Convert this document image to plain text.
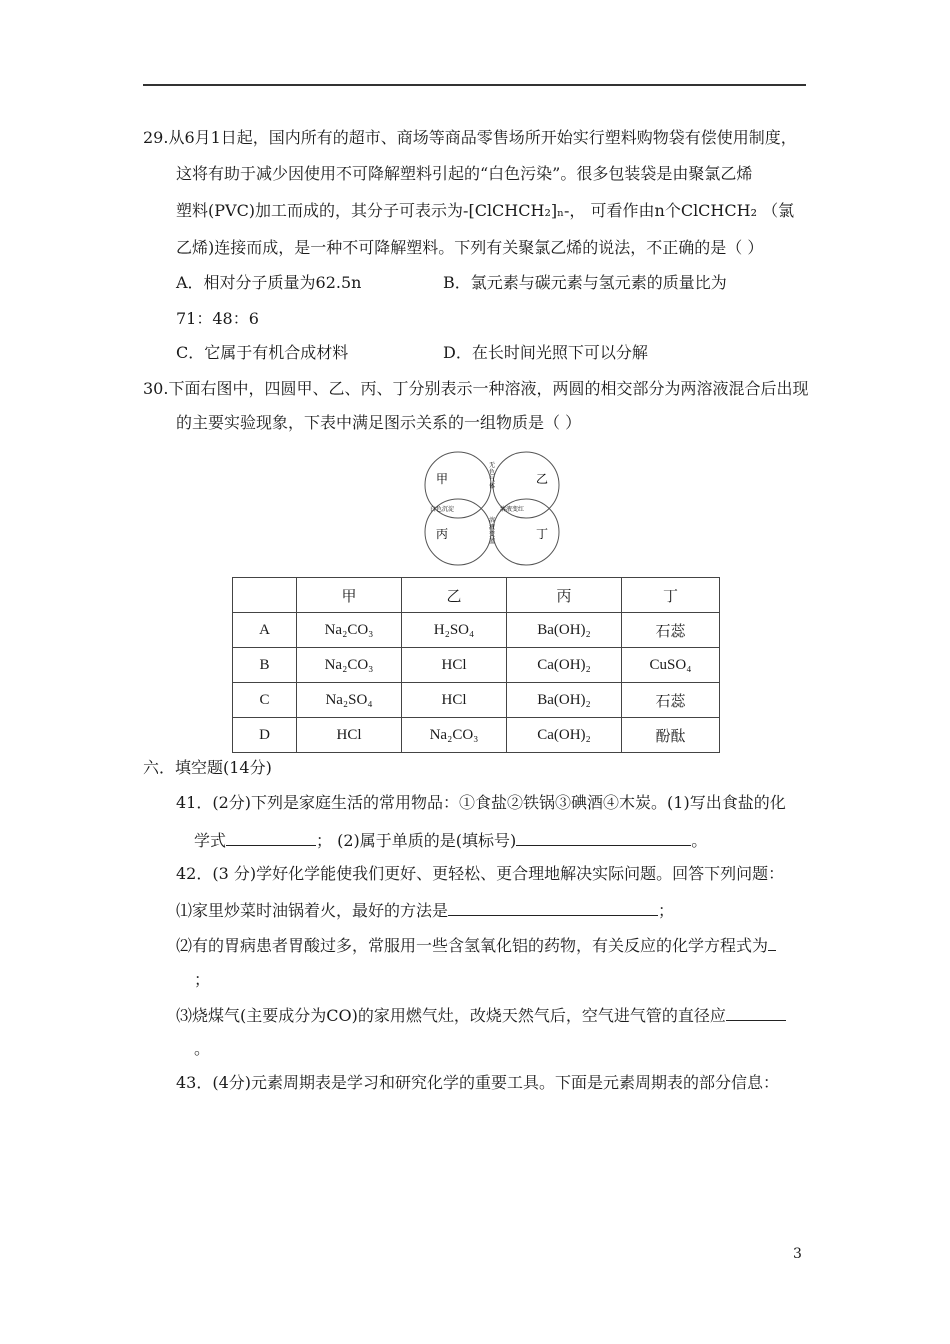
29.从6月1日起，国内所有的超市、商场等商品零售场所开始实行塑料购物袋有偿使用制度，
这将有助于减少因使用不可降解塑料引起的“白色污染”。很多包装袋是由聚氯乙烯
塑料(PVC)加工而成的，其分子可表示为-[ClCHCH₂]ₙ-， 可看作由n个ClCHCH₂ （氯
乙烯)连接而成，是一种不可降解塑料。下列有关聚氯乙烯的说法，不正确的是（ ）
A．相对分子质量为62.5n	B．氯元素与碳元素与氢元素的质量比为
71：48：6
C．它属于有机合成材料	D．在长时间光照下可以分解
30.下面右图中，四圆甲、乙、丙、丁分别表示一种溶液，两圆的相交部分为两溶液混合后出现
的主要实验现象，下表中满足图示关系的一组物质是（ ）
甲	乙
丙	丁
无
色
气
体
白色沉淀	溶液变红
溶
液
变
蓝
	甲	乙	丙	丁
A	Na₂CO₃	H₂SO₄	Ba(OH)₂	石蕊
B	Na₂CO₃	HCl	Ca(OH)₂	CuSO₄
C	Na₂SO₄	HCl	Ba(OH)₂	石蕊
D	HCl	Na₂CO₃	Ca(OH)₂	酚酞
六．填空题(14分)
41．(2分)下列是家庭生活的常用物品：①食盐②铁锅③碘酒④木炭。(1)写出食盐的化
学式	； (2)属于单质的是(填标号)	。
42．(3 分)学好化学能使我们更好、更轻松、更合理地解决实际问题。回答下列问题：
⑴家里炒菜时油锅着火，最好的方法是	；
⑵有的胃病患者胃酸过多，常服用一些含氢氧化铝的药物，有关反应的化学方程式为
；
⑶烧煤气(主要成分为CO)的家用燃气灶，改烧天然气后，空气进气管的直径应
。
43．(4分)元素周期表是学习和研究化学的重要工具。下面是元素周期表的部分信息：
3
